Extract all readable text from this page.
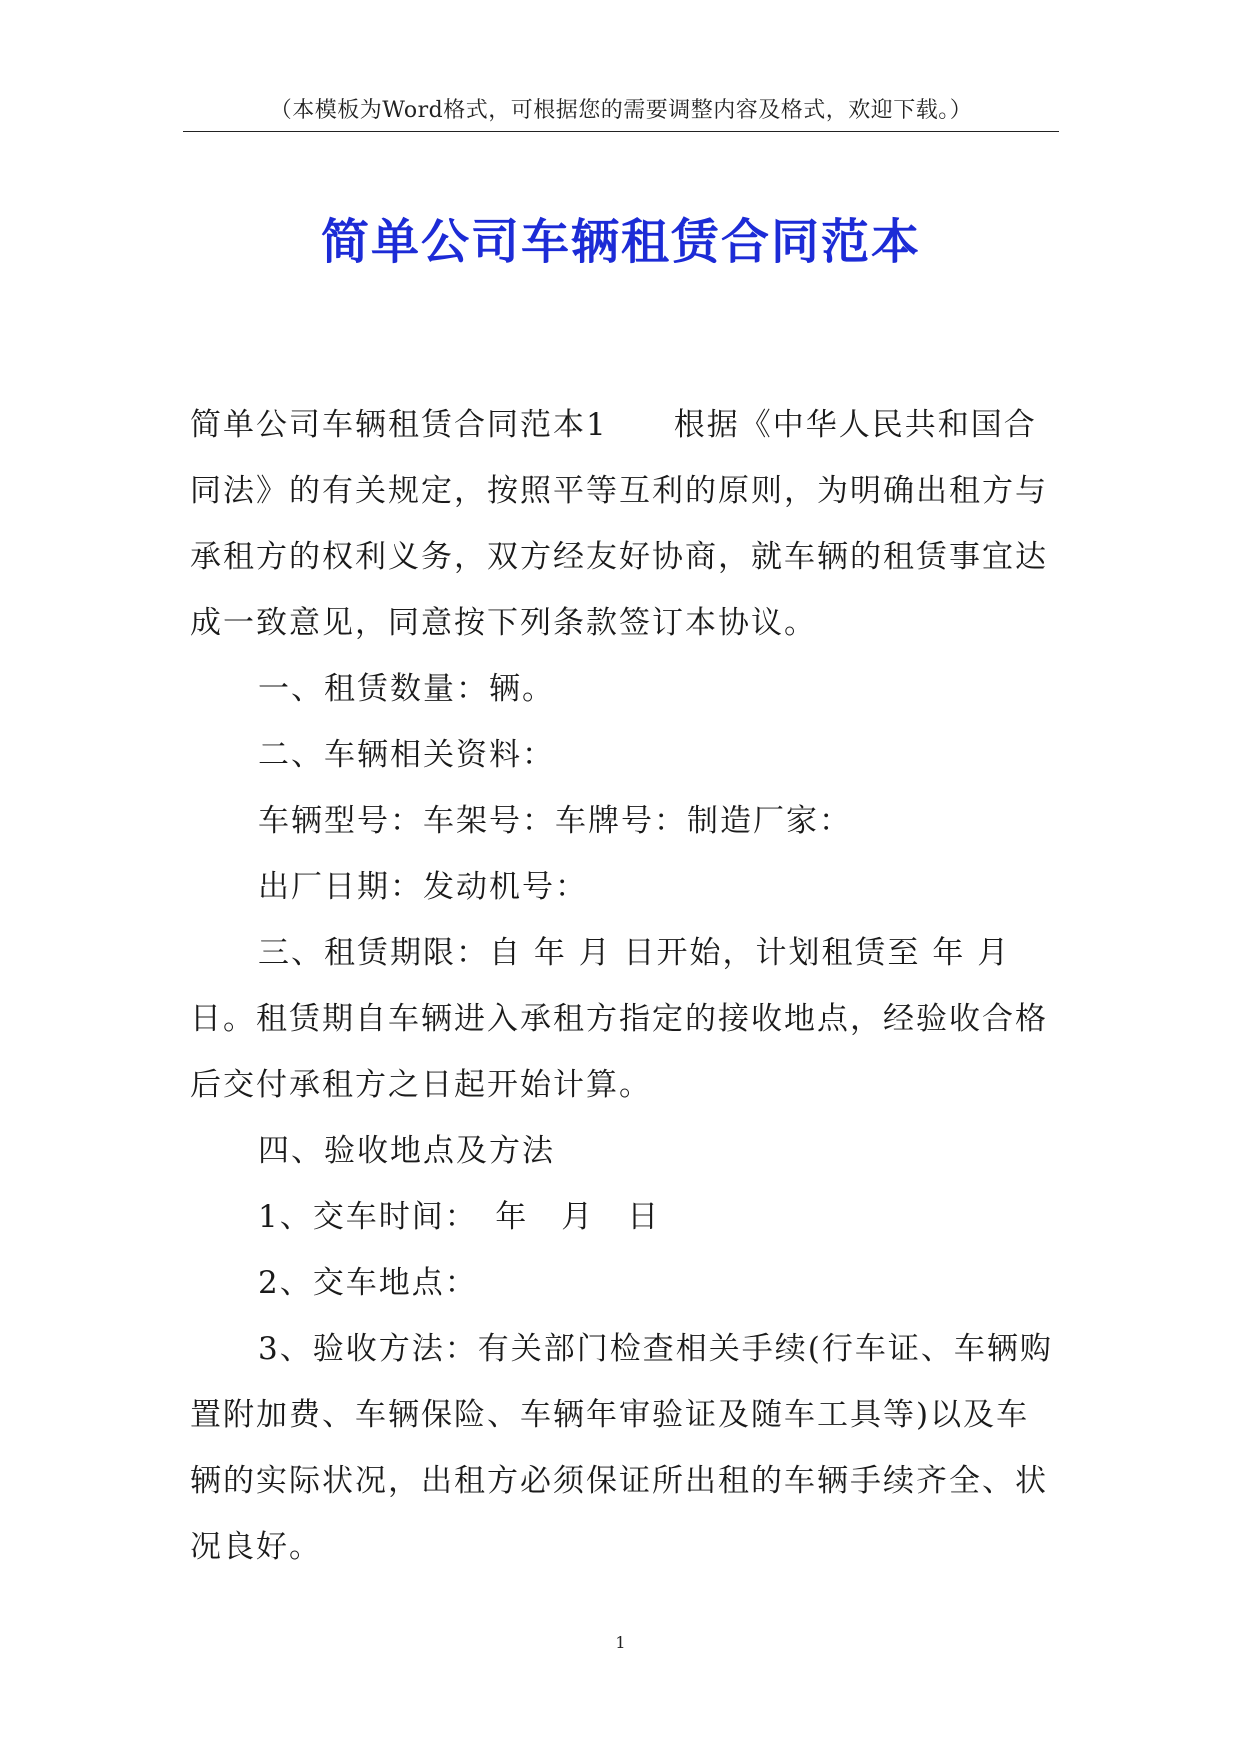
（本模板为Word格式，可根据您的需要调整内容及格式，欢迎下载。）
简单公司车辆租赁合同范本

简单公司车辆租赁合同范本1　　根据《中华人民共和国合同法》的有关规定，按照平等互利的原则，为明确出租方与承租方的权利义务，双方经友好协商，就车辆的租赁事宜达成一致意见，同意按下列条款签订本协议。

一、租赁数量：辆。

二、车辆相关资料：

车辆型号：车架号：车牌号：制造厂家：

出厂日期：发动机号：

三、租赁期限：自 年 月 日开始，计划租赁至 年 月 日。租赁期自车辆进入承租方指定的接收地点，经验收合格后交付承租方之日起开始计算。

四、验收地点及方法

1、交车时间：　年　月　日

2、交车地点：

3、验收方法：有关部门检查相关手续(行车证、车辆购置附加费、车辆保险、车辆年审验证及随车工具等)以及车辆的实际状况，出租方必须保证所出租的车辆手续齐全、状况良好。

1
